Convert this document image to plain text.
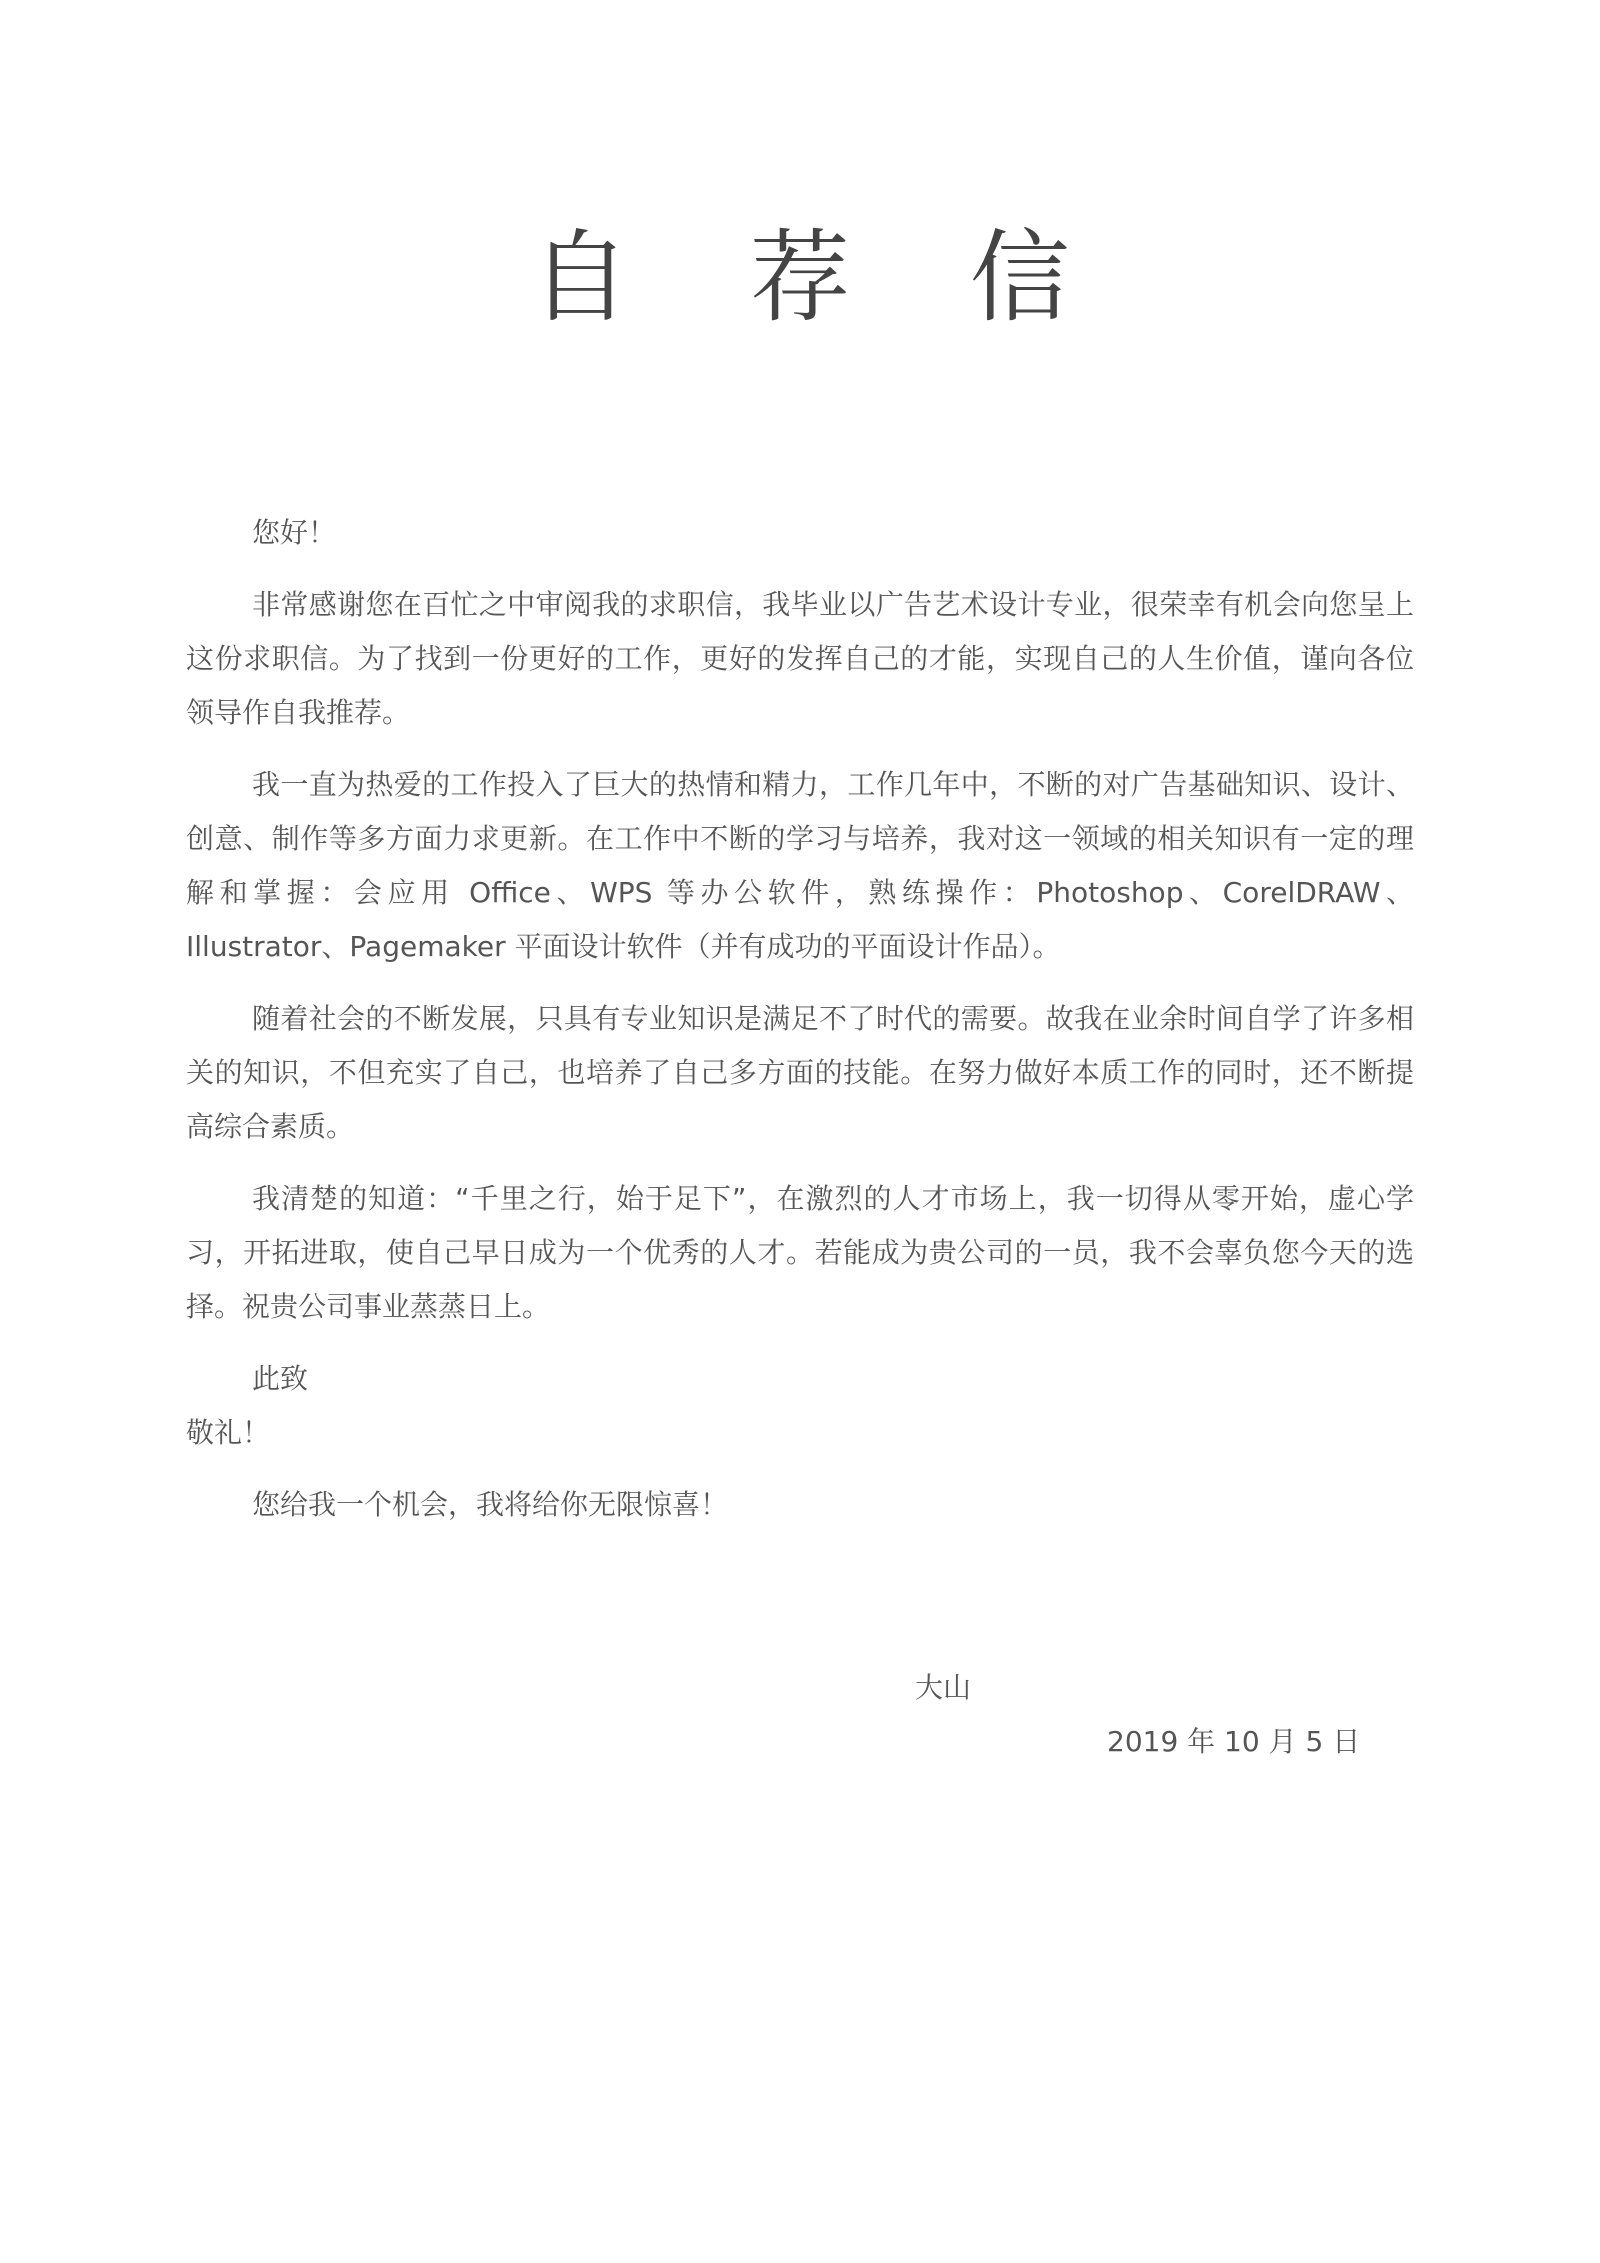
自 荐 信

您好！

非常感谢您在百忙之中审阅我的求职信，我毕业以广告艺术设计专业，很荣幸有机会向您呈上这份求职信。为了找到一份更好的工作，更好的发挥自己的才能，实现自己的人生价值，谨向各位领导作自我推荐。

我一直为热爱的工作投入了巨大的热情和精力，工作几年中，不断的对广告基础知识、设计、创意、制作等多方面力求更新。在工作中不断的学习与培养，我对这一领域的相关知识有一定的理解和掌握：会应用 Office、WPS 等办公软件，熟练操作：Photoshop、CorelDRAW、Illustrator、Pagemaker 平面设计软件（并有成功的平面设计作品）。

随着社会的不断发展，只具有专业知识是满足不了时代的需要。故我在业余时间自学了许多相关的知识，不但充实了自己，也培养了自己多方面的技能。在努力做好本质工作的同时，还不断提高综合素质。

我清楚的知道：“千里之行，始于足下”，在激烈的人才市场上，我一切得从零开始，虚心学习，开拓进取，使自己早日成为一个优秀的人才。若能成为贵公司的一员，我不会辜负您今天的选择。祝贵公司事业蒸蒸日上。

此致

敬礼！

您给我一个机会，我将给你无限惊喜！

大山

2019 年 10 月 5 日
